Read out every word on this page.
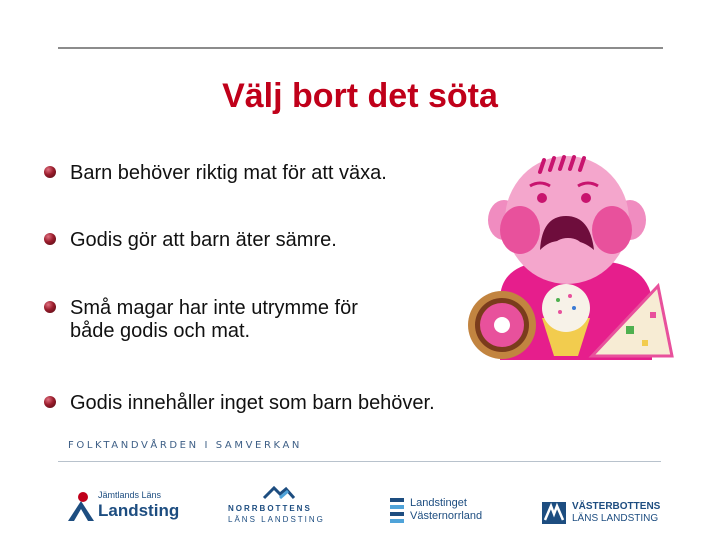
Välj bort det söta
Barn behöver riktig mat för att växa.
Godis gör att barn äter sämre.
Små magar har inte utrymme för
både godis och mat.
Godis innehåller inget som barn behöver.
FOLKTANDVÅRDEN I SAMVERKAN
Jämtlands Läns
Landsting	NORRBOTTENS
LÄNS LANDSTING
Landstinget
Västernorrland
VÄSTERBOTTENS
LÄNS LANDSTING
